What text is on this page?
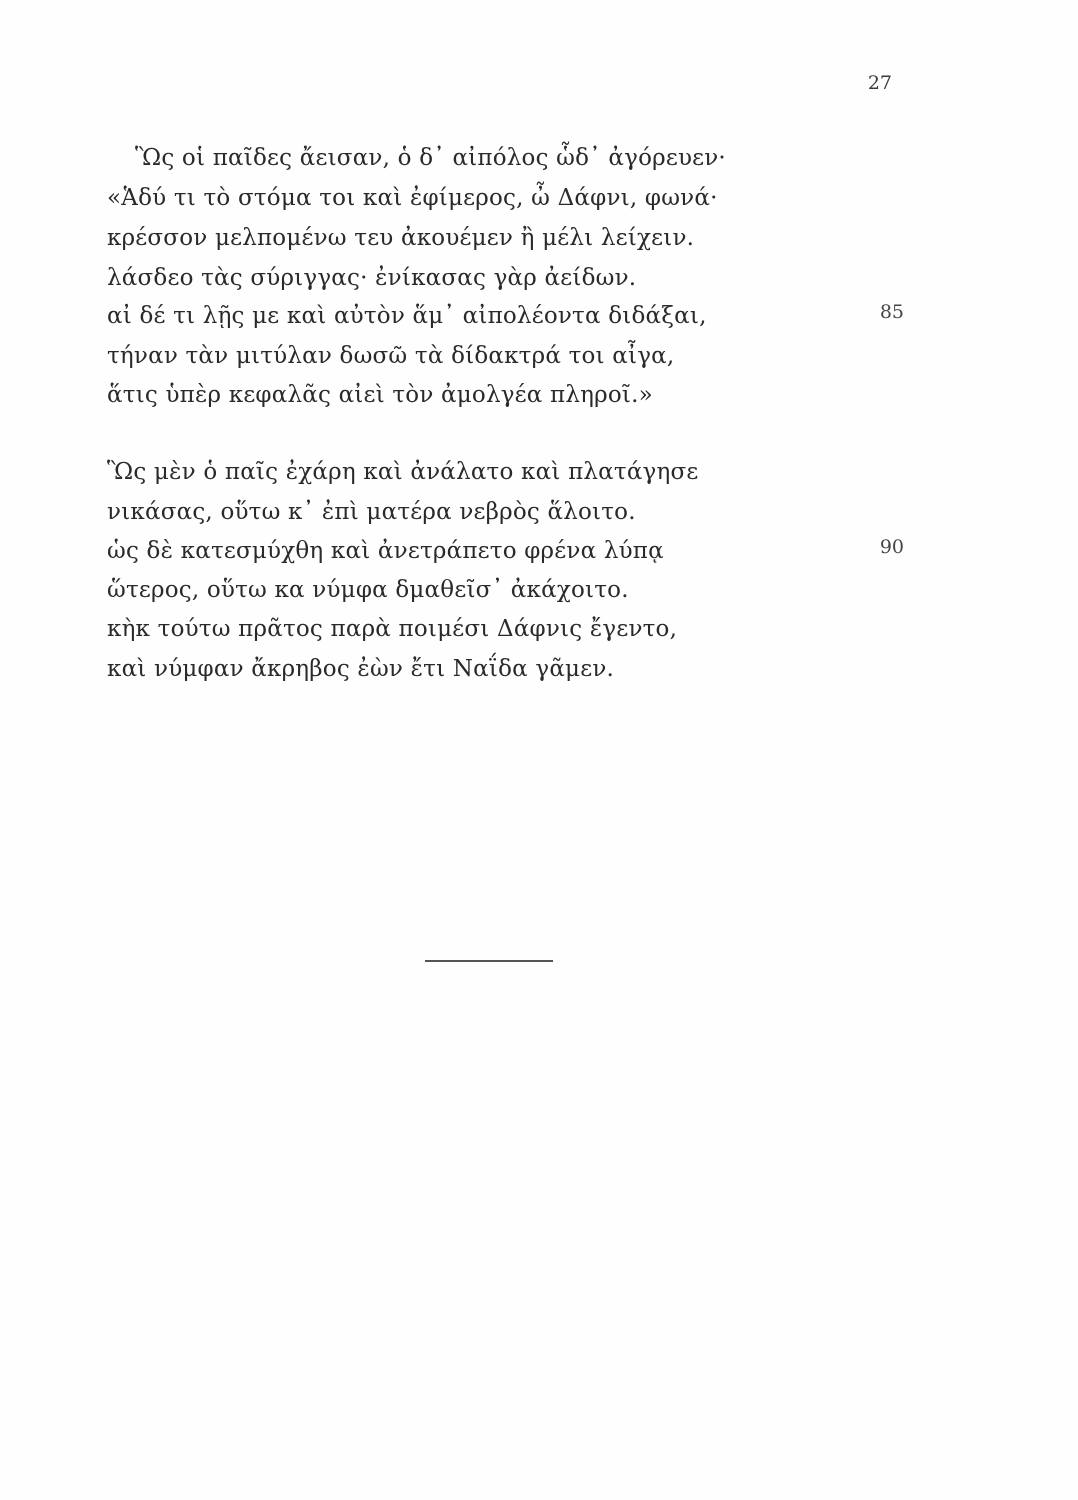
27
Ὣς οἱ παῖδες ἄεισαν, ὁ δ᾽ αἰπόλος ὧδ᾽ ἀγόρευεν·
«Ἁδύ τι τὸ στόμα τοι καὶ ἐφίμερος, ὦ Δάφνι, φωνά·
κρέσσον μελπομένω τευ ἀκουέμεν ἢ μέλι λείχειν.
λάσδεο τὰς σύριγγας· ἐνίκασας γὰρ ἀείδων.
αἰ δέ τι λῇς με καὶ αὐτὸν ἅμ᾽ αἰπολέοντα διδάξαι,	85
τήναν τὰν μιτύλαν δωσῶ τὰ δίδακτρά τοι αἶγα,
ἅτις ὑπὲρ κεφαλᾶς αἰεὶ τὸν ἀμολγέα πληροῖ.»
Ὣς μὲν ὁ παῖς ἐχάρη καὶ ἀνάλατο καὶ πλατάγησε
νικάσας, οὕτω κ᾽ ἐπὶ ματέρα νεβρὸς ἅλοιτο.
ὡς δὲ κατεσμύχθη καὶ ἀνετράπετο φρένα λύπᾳ	90
ὥτερος, οὕτω κα νύμφα δμαθεῖσ᾽ ἀκάχοιτο.
κὴκ τούτω πρᾶτος παρὰ ποιμέσι Δάφνις ἔγεντο,
καὶ νύμφαν ἄκρηβος ἐὼν ἔτι Ναΐδα γᾶμεν.
